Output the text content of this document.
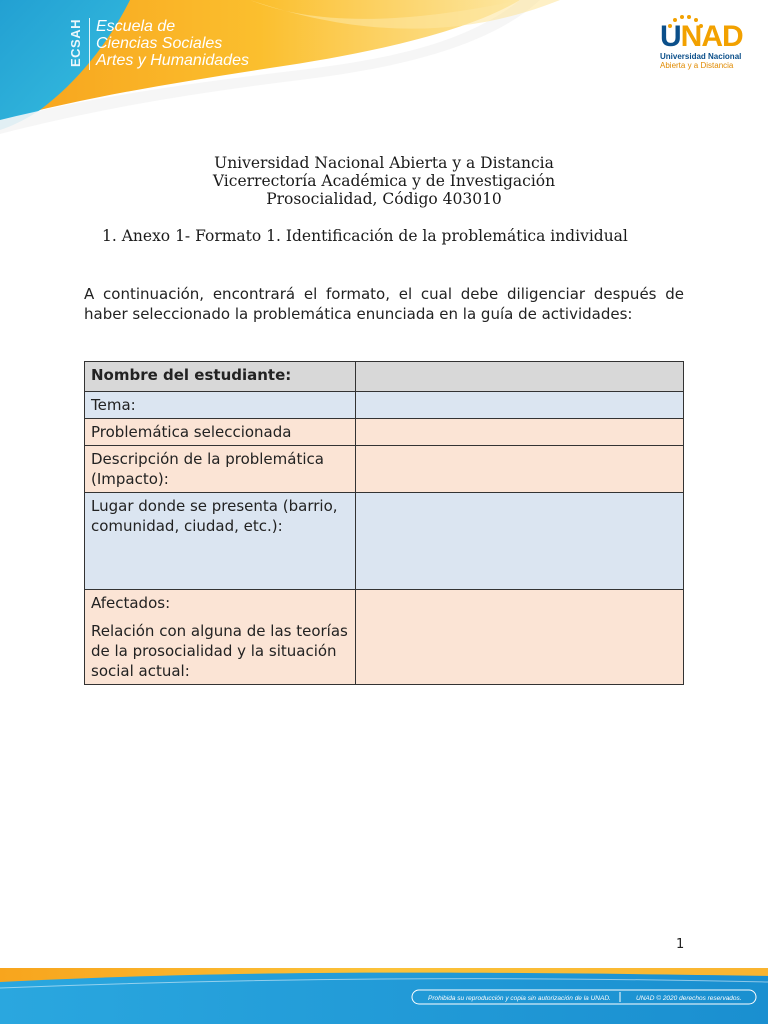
ECSAH Escuela de
Ciencias Sociales
Artes y Humanidades
UNAD
Universidad Nacional
Abierta y a Distancia
Universidad Nacional Abierta y a Distancia
Vicerrectoría Académica y de Investigación
Prosocialidad, Código 403010
1. Anexo 1- Formato 1. Identificación de la problemática individual
A continuación, encontrará el formato, el cual debe diligenciar después de haber seleccionado la problemática enunciada en la guía de actividades:
Nombre del estudiante:	
Tema:	
Problemática seleccionada	
Descripción de la problemática (Impacto):	
Lugar donde se presenta (barrio, comunidad, ciudad, etc.):	

Afectados:
Relación con alguna de las teorías de la prosocialidad y la situación social actual:	

1
Prohibida su reproducción y copia sin autorización de la UNAD.	UNAD © 2020 derechos reservados.
